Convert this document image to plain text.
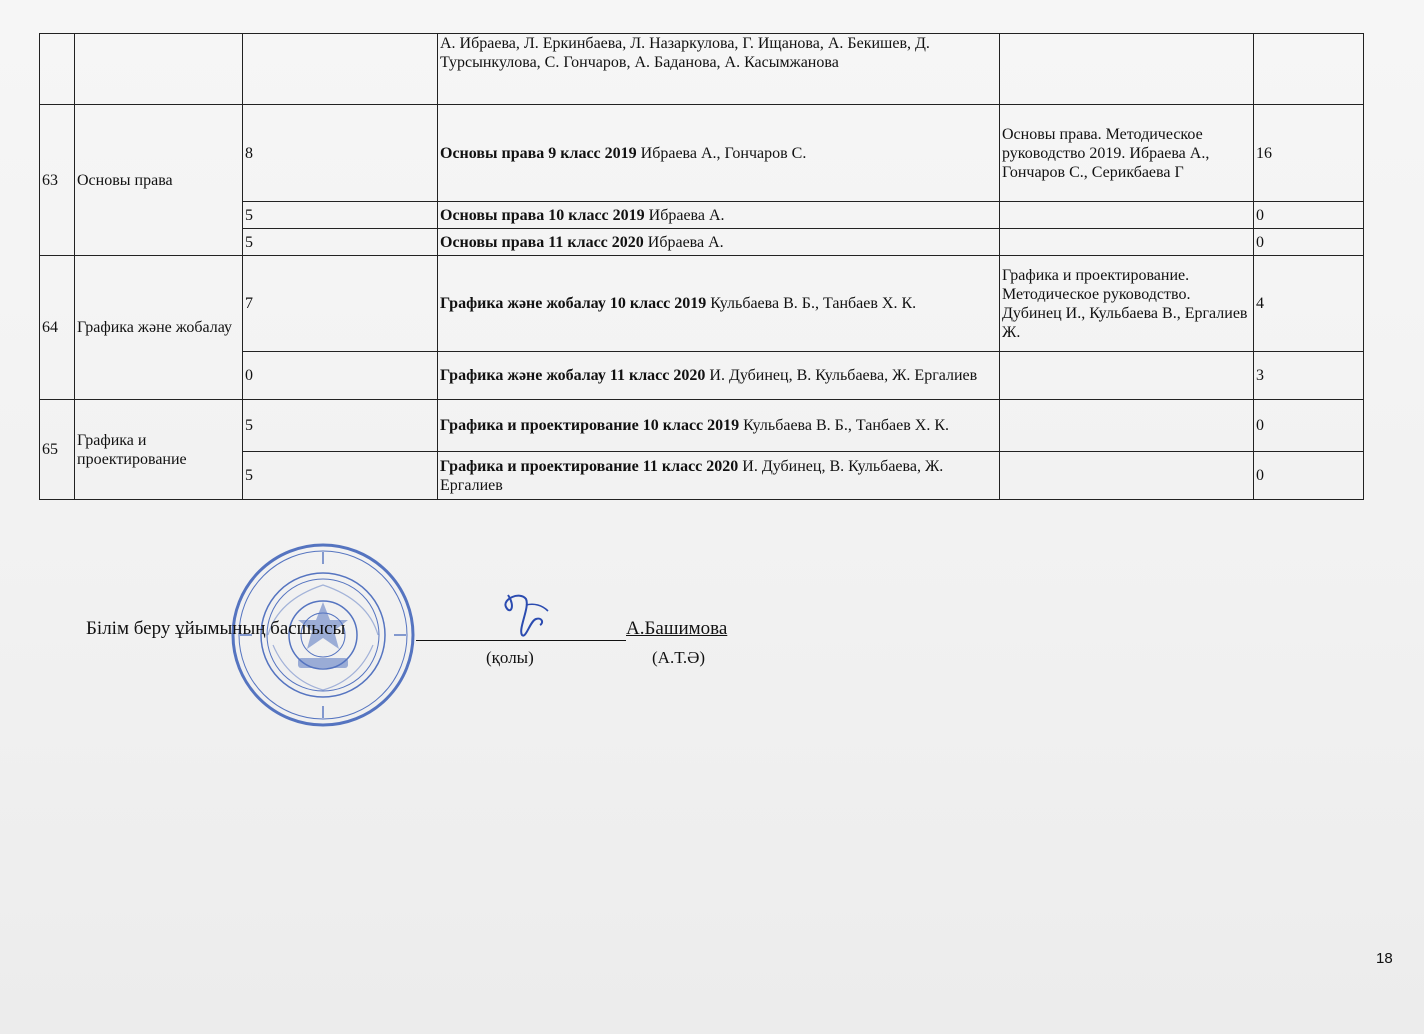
			А. Ибраева, Л. Еркинбаева, Л. Назаркулова, Г. Ищанова, А. Бекишев, Д. Турсынкулова, С. Гончаров, А. Баданова, А. Касымжанова		
63	Основы права	8	Основы права 9 класс 2019 Ибраева А., Гончаров С.	Основы права. Методическое руководство 2019. Ибраева А., Гончаров С., Серикбаева Г	16
		5	Основы права 10 класс 2019 Ибраева А.		0
		5	Основы права 11 класс 2020 Ибраева А.		0
64	Графика және жобалау	7	Графика және жобалау 10 класс 2019 Кульбаева В. Б., Танбаев Х. К.	Графика и проектирование. Методическое руководство. Дубинец И., Кульбаева В., Ергалиев Ж.	4
		0	Графика және жобалау 11 класс 2020 И. Дубинец, В. Кульбаева, Ж. Ергалиев		3
65	Графика и проектирование	5	Графика и проектирование 10 класс 2019 Кульбаева В. Б., Танбаев Х. К.		0
		5	Графика и проектирование 11 класс 2020 И. Дубинец, В. Кульбаева, Ж. Ергалиев		0
Білім беру ұйымының басшысы	А.Башимова
(қолы)	(А.Т.Ә)
18
